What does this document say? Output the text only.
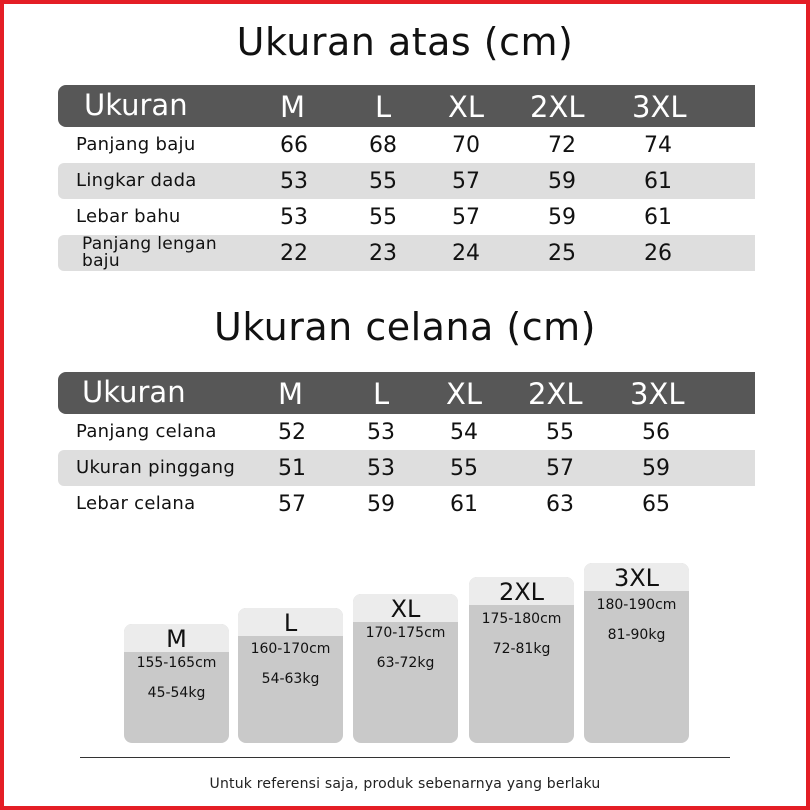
Ukuran atas (cm)
Ukuran	M L XL 2XL 3XL
Panjang baju	66	68	70	72	74
Lingkar dada	53	55	57	59	61
Lebar bahu	53	55	57	59	61
Panjang lengan baju	22	23	24	25	26
Ukuran celana (cm)
Ukuran	M L XL 2XL 3XL
Panjang celana	52	53	54	55	56
Ukuran pinggang 51	53	55	57	59
Lebar celana	57	59	61	63	65
M
155-165cm
45-54kg
L
160-170cm
54-63kg
XL
170-175cm
63-72kg
2XL
175-180cm
72-81kg
3XL
180-190cm
81-90kg
Untuk referensi saja, produk sebenarnya yang berlaku
